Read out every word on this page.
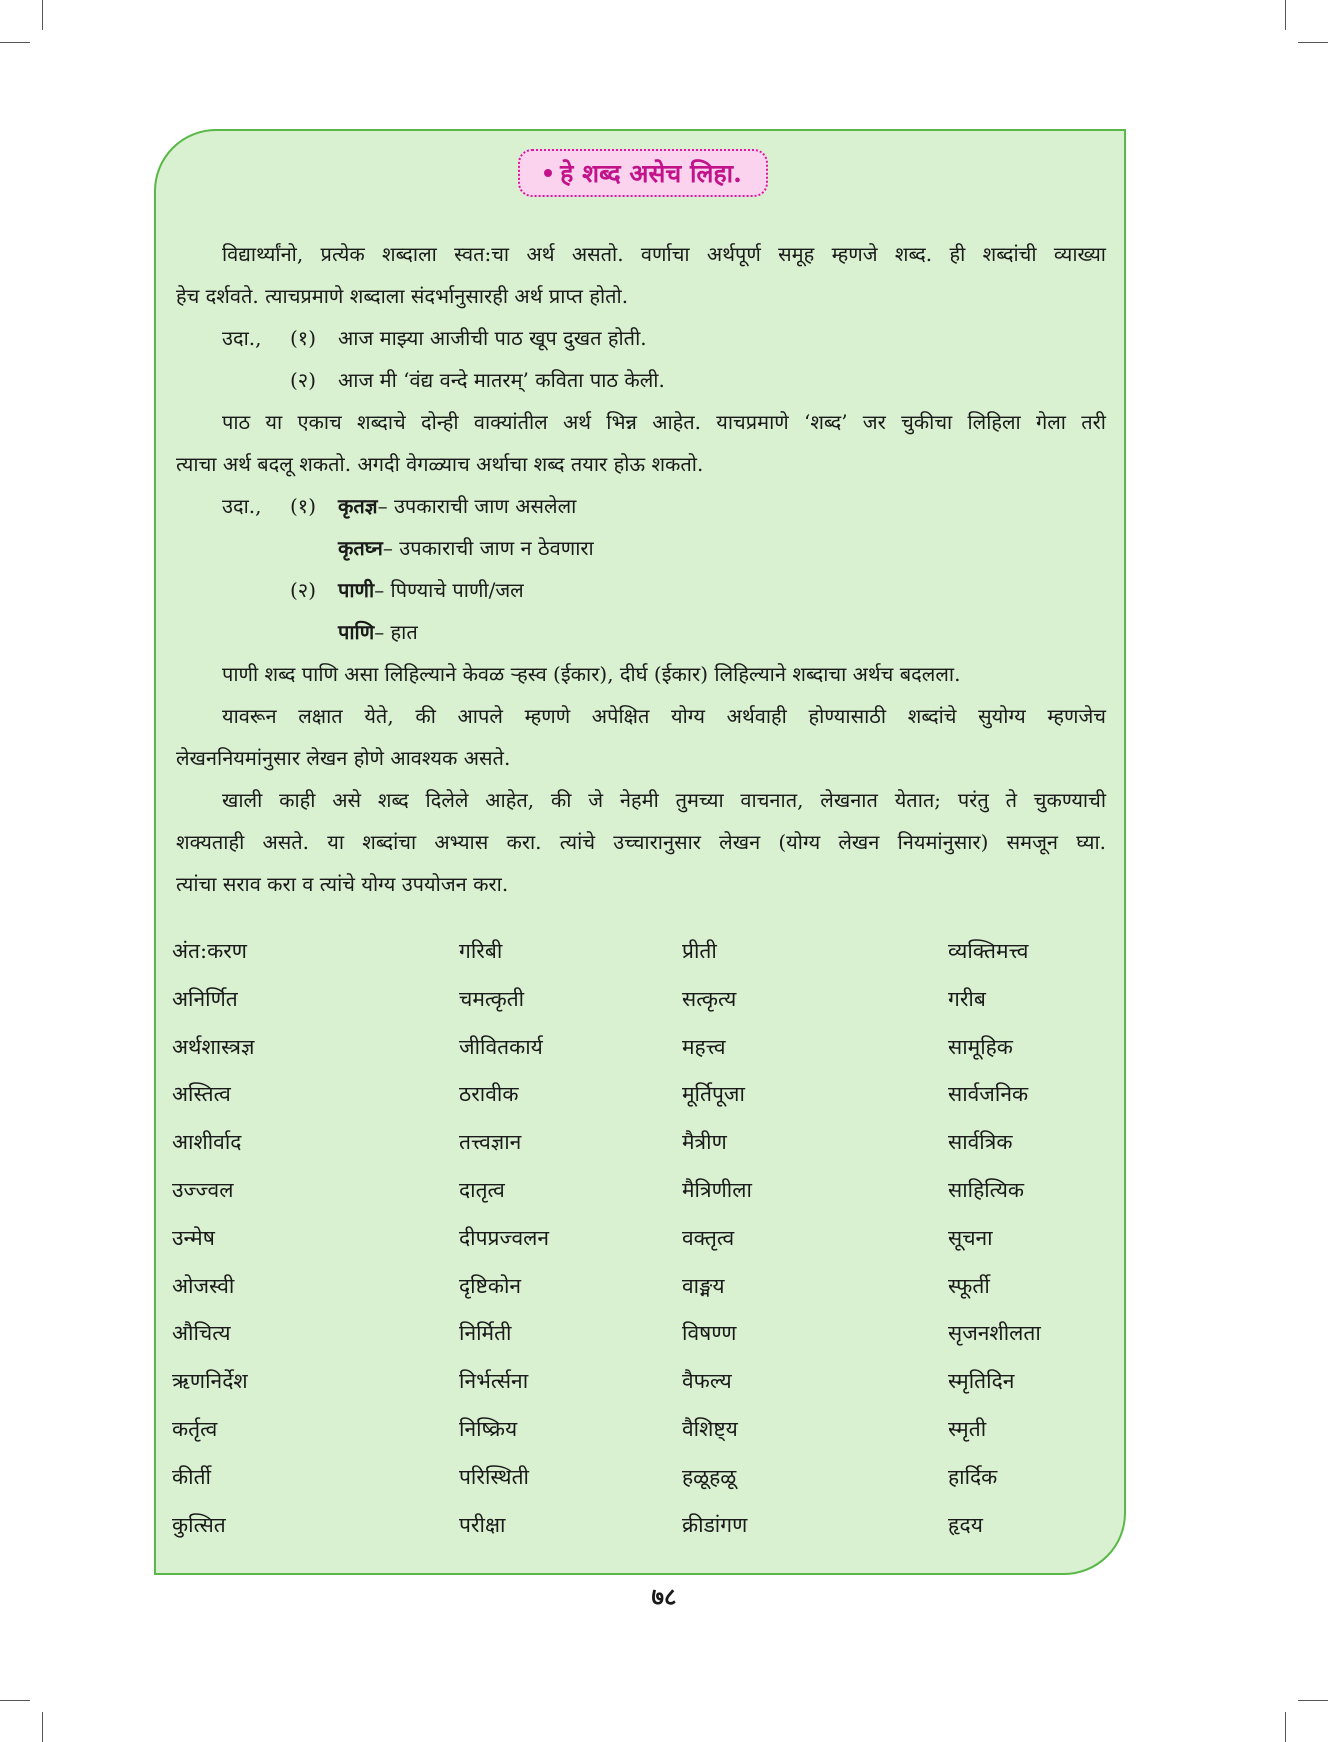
हे शब्द असेच लिहा.
विद्यार्थ्यांनो, प्रत्येक शब्दाला स्वत:चा अर्थ असतो. वर्णाचा अर्थपूर्ण समूह म्हणजे शब्द. ही शब्दांची व्याख्या
हेच दर्शवते. त्याचप्रमाणे शब्दाला संदर्भानुसारही अर्थ प्राप्त होतो.
उदा., (१) आज माझ्या आजीची पाठ खूप दुखत होती.
(२) आज मी ‘वंद्य वन्दे मातरम्’ कविता पाठ केली.
पाठ या एकाच शब्दाचे दोन्ही वाक्यांतील अर्थ भिन्न आहेत. याचप्रमाणे ‘शब्द’ जर चुकीचा लिहिला गेला तरी
त्याचा अर्थ बदलू शकतो. अगदी वेगळ्याच अर्थाचा शब्द तयार होऊ शकतो.
उदा., (१) कृतज्ञ– उपकाराची जाण असलेला
कृतघ्न– उपकाराची जाण न ठेवणारा
(२) पाणी– पिण्याचे पाणी/जल
पाणि– हात
पाणी शब्द पाणि असा लिहिल्याने केवळ ऱ्हस्व (ईकार), दीर्घ (ईकार) लिहिल्याने शब्दाचा अर्थच बदलला.
यावरून लक्षात येते, की आपले म्हणणे अपेक्षित योग्य अर्थवाही होण्यासाठी शब्दांचे सुयोग्य म्हणजेच
लेखननियमांनुसार लेखन होणे आवश्यक असते.
खाली काही असे शब्द दिलेले आहेत, की जे नेहमी तुमच्या वाचनात, लेखनात येतात; परंतु ते चुकण्याची
शक्यताही असते. या शब्दांचा अभ्यास करा. त्यांचे उच्चारानुसार लेखन (योग्य लेखन नियमांनुसार) समजून घ्या.
त्यांचा सराव करा व त्यांचे योग्य उपयोजन करा.
अंत:करण	गरिबी	प्रीती	व्यक्तिमत्त्व
अनिर्णित	चमत्कृती	सत्कृत्य	गरीब
अर्थशास्त्रज्ञ	जीवितकार्य	महत्त्व	सामूहिक
अस्तित्व	ठरावीक	मूर्तिपूजा	सार्वजनिक
आशीर्वाद	तत्त्वज्ञान	मैत्रीण	सार्वत्रिक
उज्ज्वल	दातृत्व	मैत्रिणीला	साहित्यिक
उन्मेष	दीपप्रज्वलन	वक्तृत्व	सूचना
ओजस्वी	दृष्टिकोन	वाङ्मय	स्फूर्ती
औचित्य	निर्मिती	विषण्ण	सृजनशीलता
ऋणनिर्देश	निर्भर्त्सना	वैफल्य	स्मृतिदिन
कर्तृत्व	निष्क्रिय	वैशिष्ट्य	स्मृती
कीर्ती	परिस्थिती	हळूहळू	हार्दिक
कुत्सित	परीक्षा	क्रीडांगण	हृदय
७८
